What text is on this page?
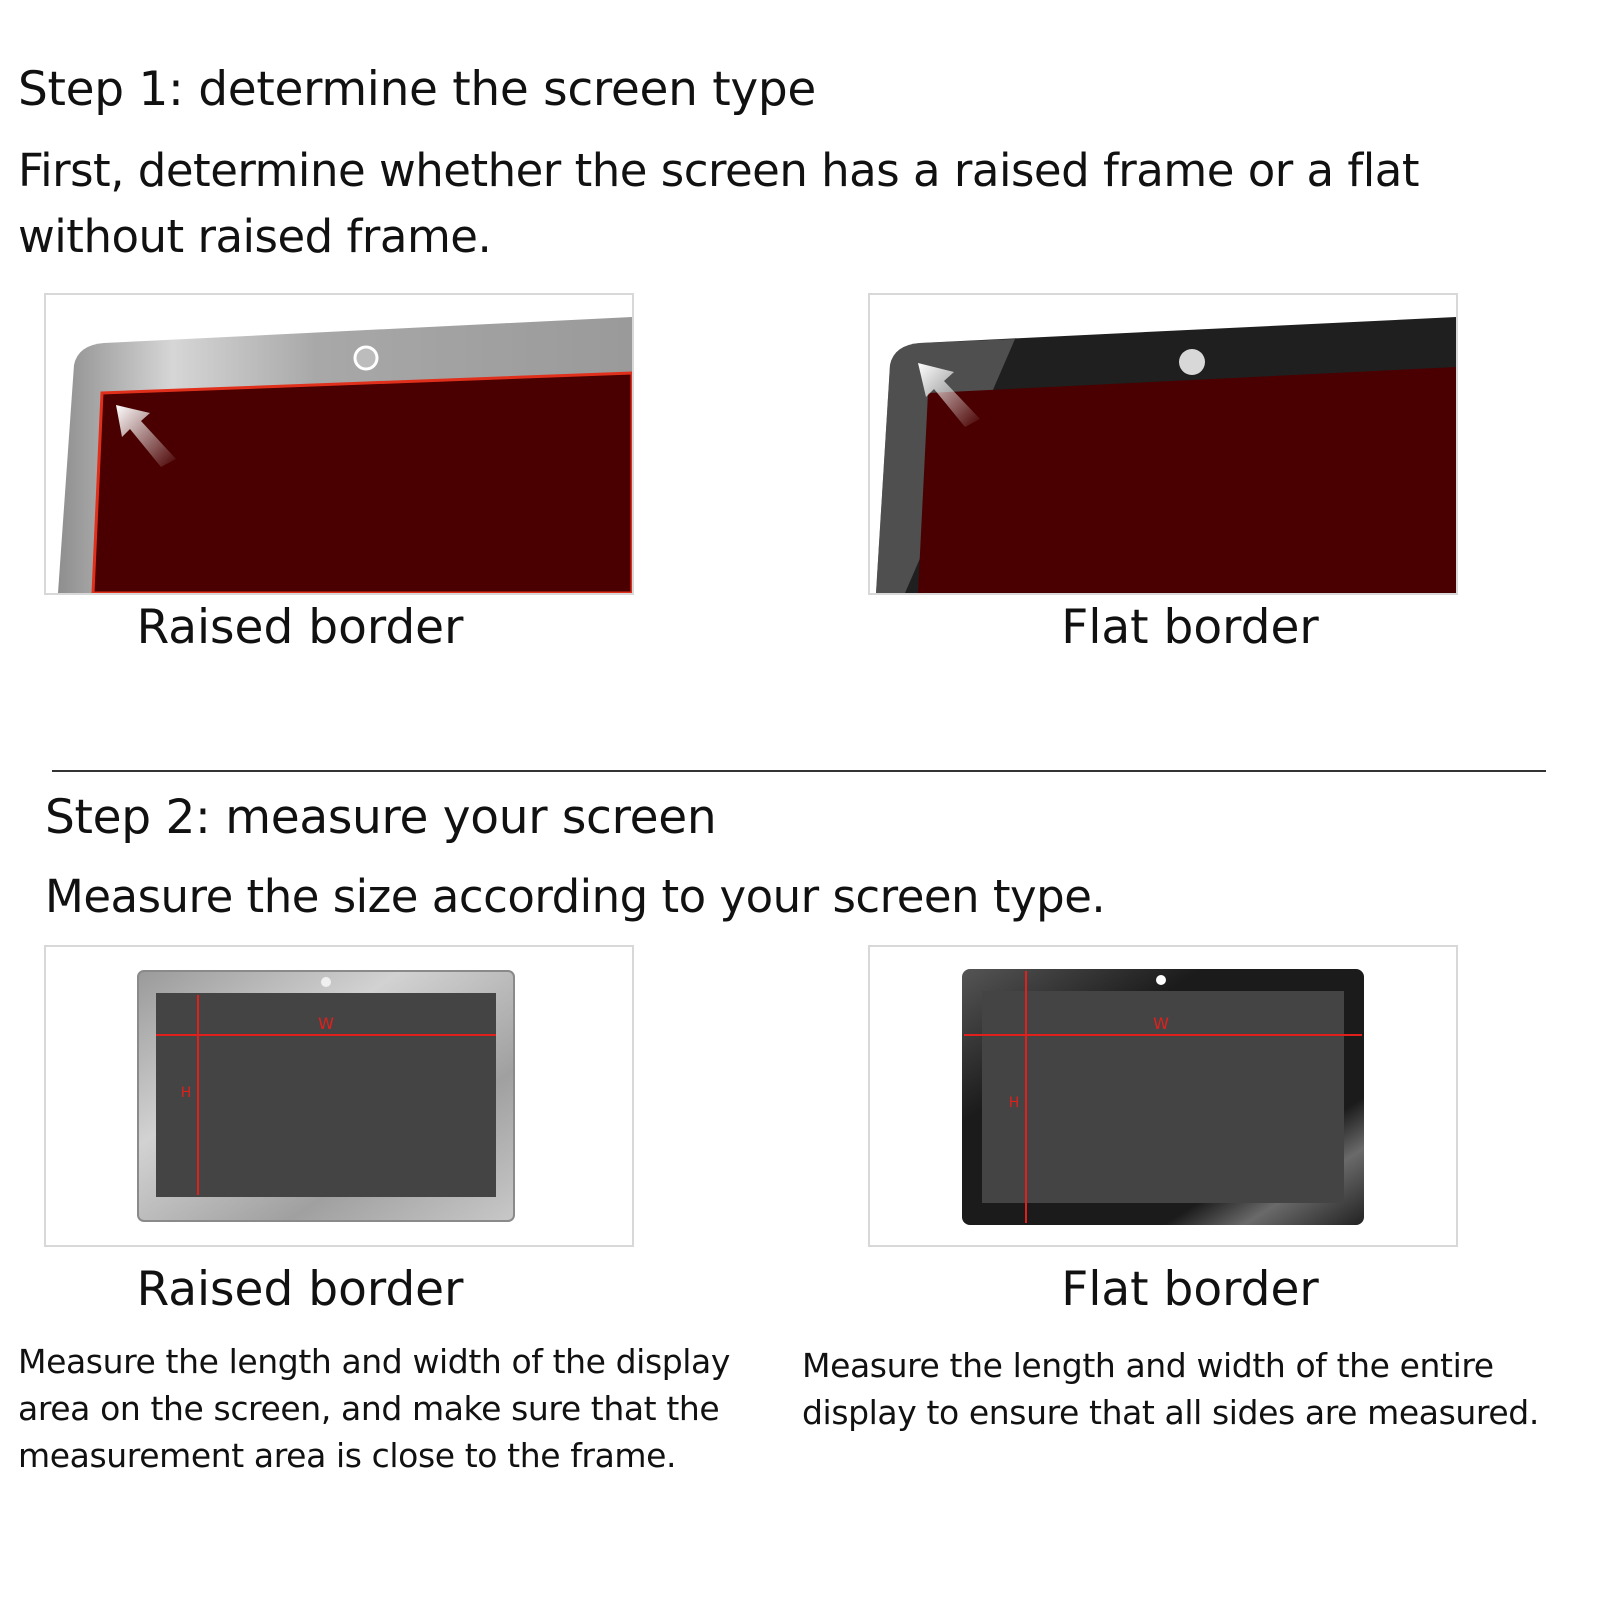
Step 1: determine the screen type

First, determine whether the screen has a raised frame or a flat without raised frame.

Raised border	Flat border
Step 2: measure your screen

Measure the size according to your screen type.

W
H
Raised border

Measure the length and width of the display area on the screen, and make sure that the measurement area is close to the frame.

W
H
Flat border

Measure the length and width of the entire display to ensure that all sides are measured.
